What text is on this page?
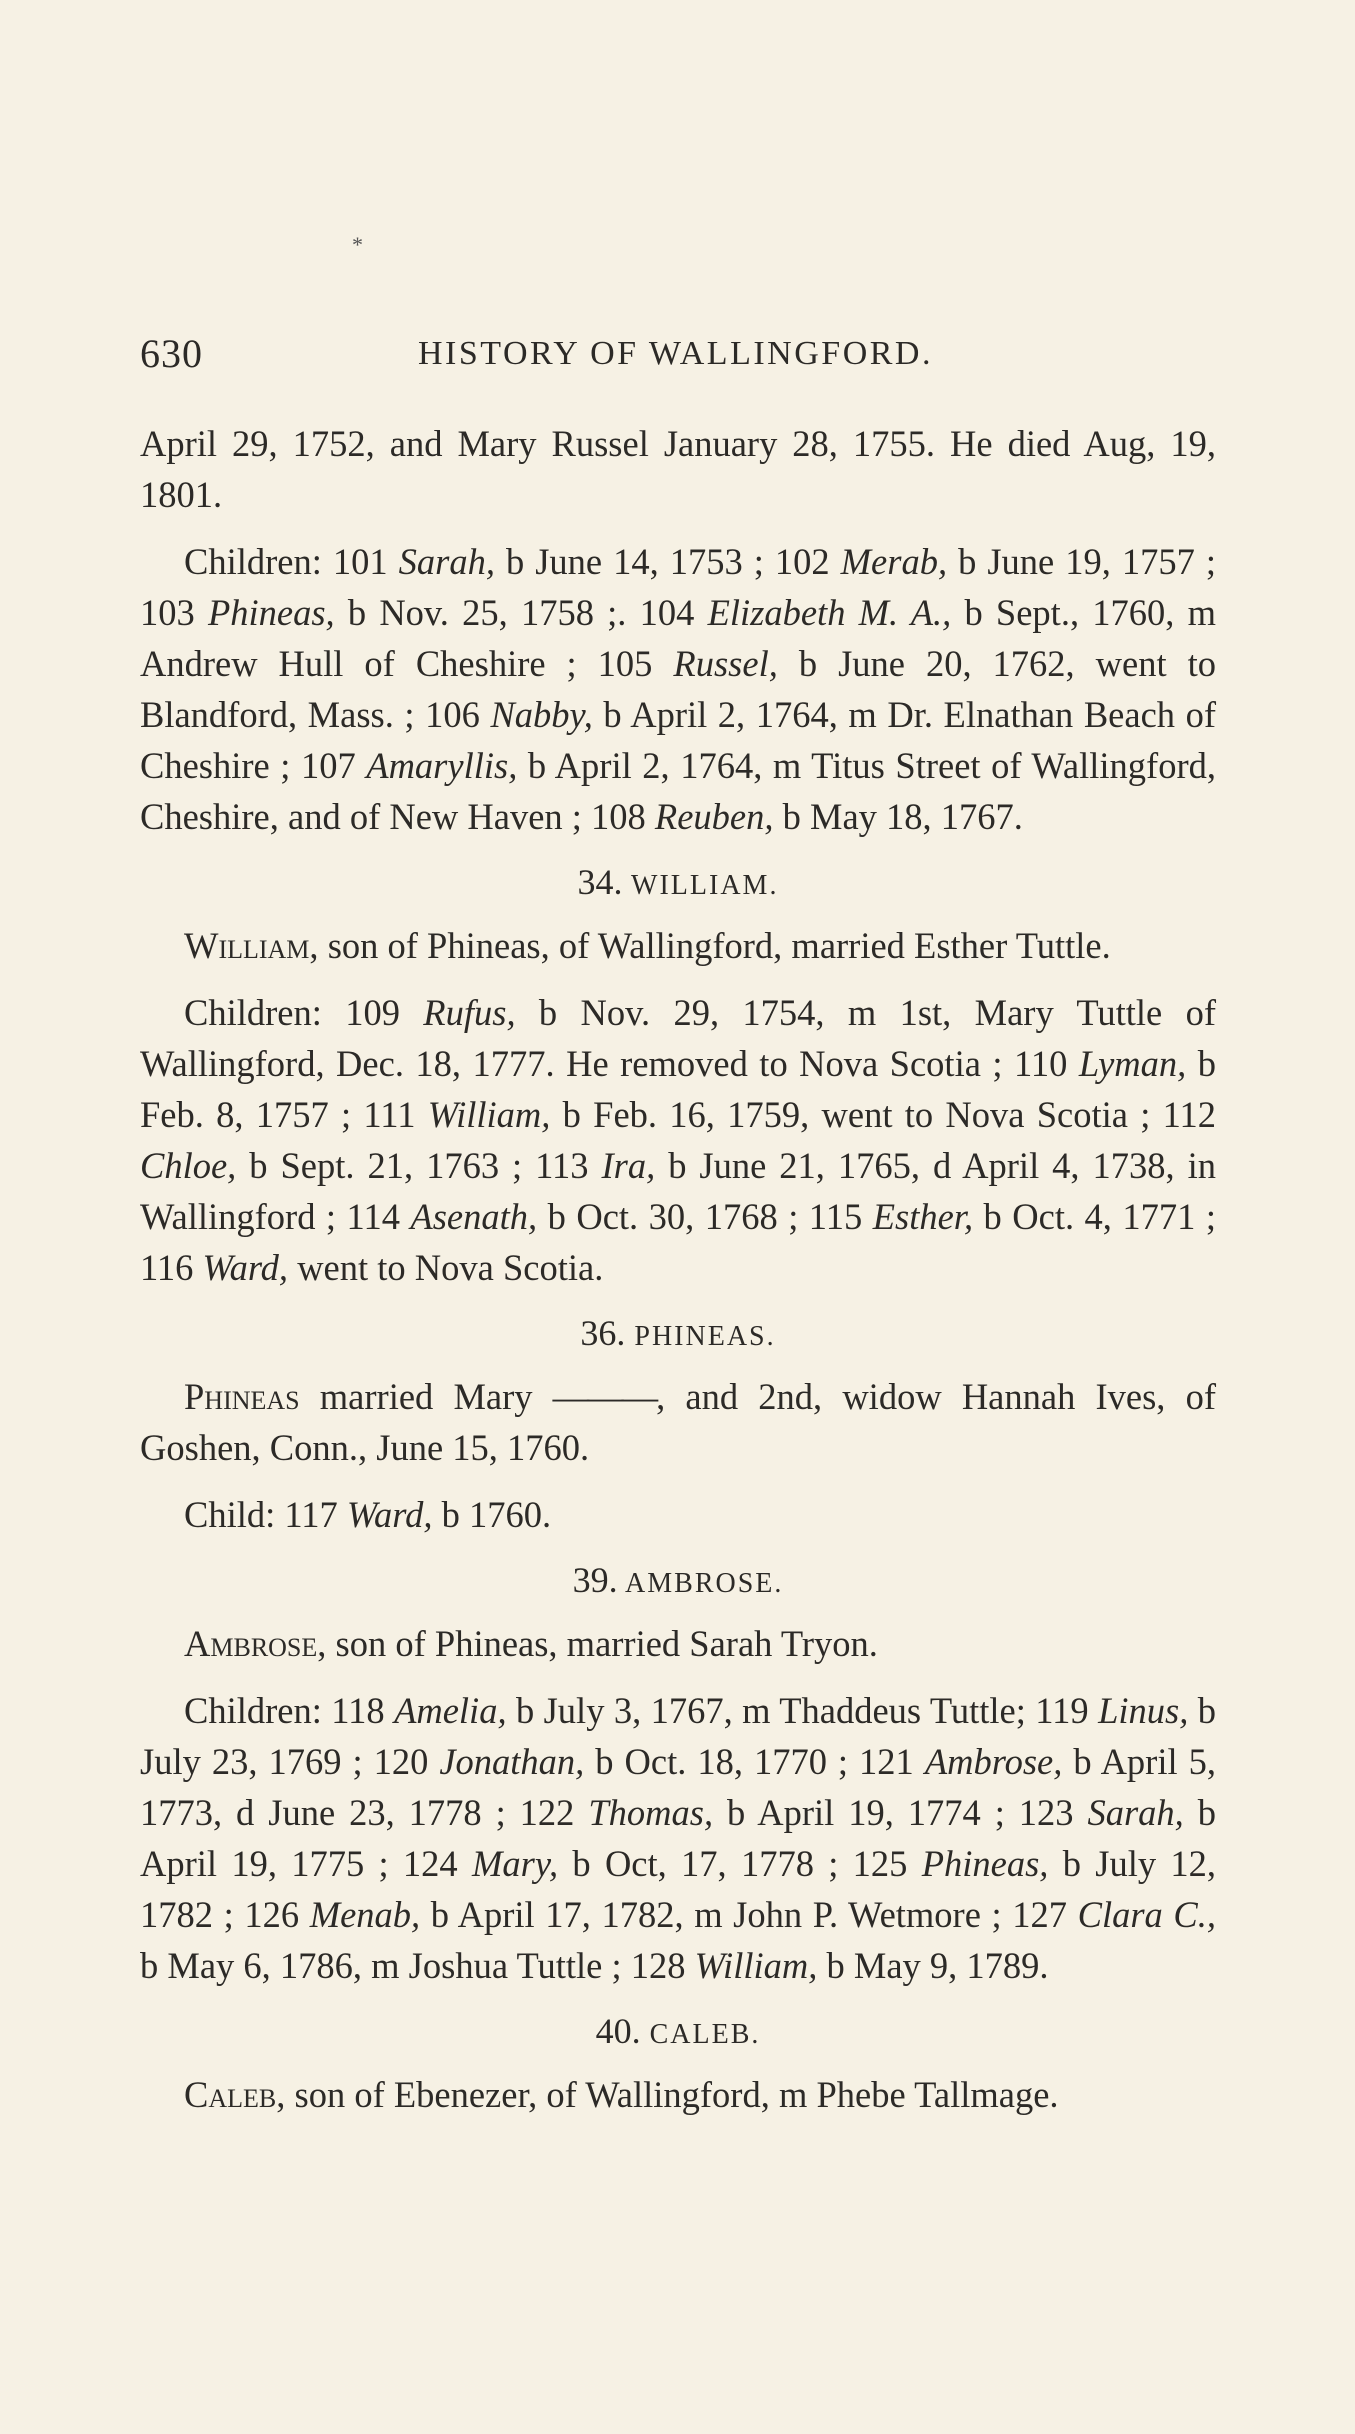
*
630	HISTORY OF WALLINGFORD.

April 29, 1752, and Mary Russel January 28, 1755. He died Aug, 19, 1801.

Children: 101 Sarah, b June 14, 1753 ; 102 Merab, b June 19, 1757 ; 103 Phineas, b Nov. 25, 1758 ;. 104 Elizabeth M. A., b Sept., 1760, m Andrew Hull of Cheshire ; 105 Russel, b June 20, 1762, went to Blandford, Mass. ; 106 Nabby, b April 2, 1764, m Dr. Elnathan Beach of Cheshire ; 107 Amaryllis, b April 2, 1764, m Titus Street of Wallingford, Cheshire, and of New Haven ; 108 Reuben, b May 18, 1767.

34. WILLIAM.

William, son of Phineas, of Wallingford, married Esther Tuttle.

Children: 109 Rufus, b Nov. 29, 1754, m 1st, Mary Tuttle of Wallingford, Dec. 18, 1777. He removed to Nova Scotia ; 110 Lyman, b Feb. 8, 1757 ; 111 William, b Feb. 16, 1759, went to Nova Scotia ; 112 Chloe, b Sept. 21, 1763 ; 113 Ira, b June 21, 1765, d April 4, 1738, in Wallingford ; 114 Asenath, b Oct. 30, 1768 ; 115 Esther, b Oct. 4, 1771 ; 116 Ward, went to Nova Scotia.

36. PHINEAS.

Phineas married Mary ———, and 2nd, widow Hannah Ives, of Goshen, Conn., June 15, 1760.

Child: 117 Ward, b 1760.

39. AMBROSE.

Ambrose, son of Phineas, married Sarah Tryon.

Children: 118 Amelia, b July 3, 1767, m Thaddeus Tuttle; 119 Linus, b July 23, 1769 ; 120 Jonathan, b Oct. 18, 1770 ; 121 Ambrose, b April 5, 1773, d June 23, 1778 ; 122 Thomas, b April 19, 1774 ; 123 Sarah, b April 19, 1775 ; 124 Mary, b Oct, 17, 1778 ; 125 Phineas, b July 12, 1782 ; 126 Menab, b April 17, 1782, m John P. Wetmore ; 127 Clara C., b May 6, 1786, m Joshua Tuttle ; 128 William, b May 9, 1789.

40. CALEB.

Caleb, son of Ebenezer, of Wallingford, m Phebe Tallmage.
